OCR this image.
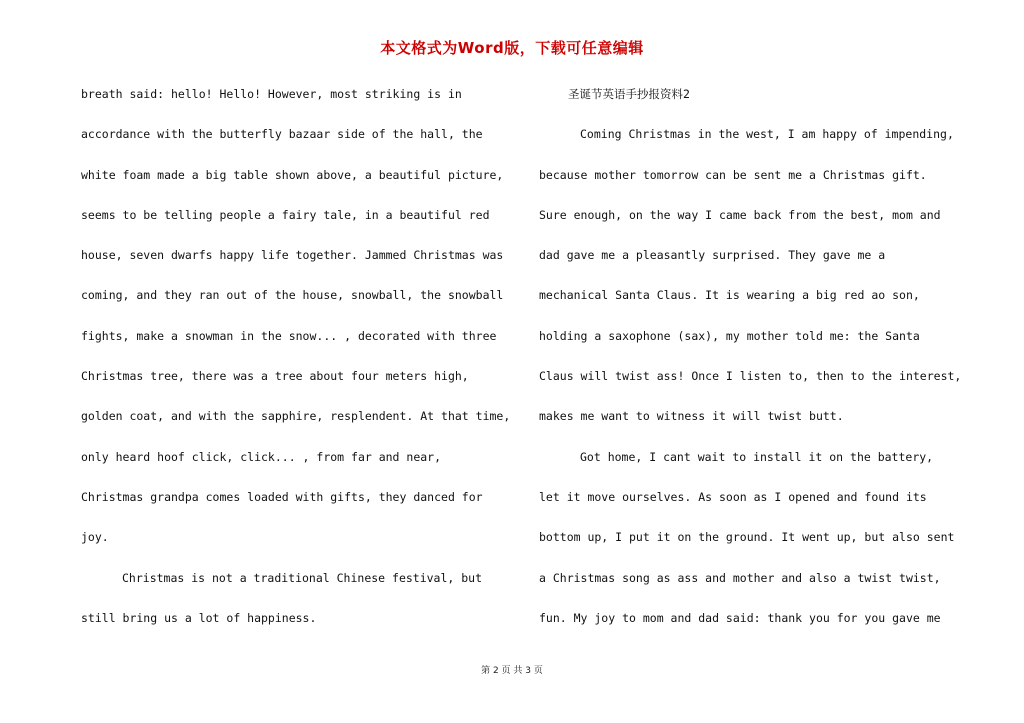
本文格式为Word版，下载可任意编辑
breath said: hello! Hello! However, most striking is in
accordance with the butterfly bazaar side of the hall, the
white foam made a big table shown above, a beautiful picture,
seems to be telling people a fairy tale, in a beautiful red
house, seven dwarfs happy life together. Jammed Christmas was
coming, and they ran out of the house, snowball, the snowball
fights, make a snowman in the snow... , decorated with three
Christmas tree, there was a tree about four meters high,
golden coat, and with the sapphire, resplendent. At that time,
only heard hoof click, click... , from far and near,
Christmas grandpa comes loaded with gifts, they danced for
joy.
Christmas is not a traditional Chinese festival, but
still bring us a lot of happiness.
圣诞节英语手抄报资料2
Coming Christmas in the west, I am happy of impending,
because mother tomorrow can be sent me a Christmas gift.
Sure enough, on the way I came back from the best, mom and
dad gave me a pleasantly surprised. They gave me a
mechanical Santa Claus. It is wearing a big red ao son,
holding a saxophone (sax), my mother told me: the Santa
Claus will twist ass! Once I listen to, then to the interest,
makes me want to witness it will twist butt.
Got home, I cant wait to install it on the battery,
let it move ourselves. As soon as I opened and found its
bottom up, I put it on the ground. It went up, but also sent
a Christmas song as ass and mother and also a twist twist,
fun. My joy to mom and dad said: thank you for you gave me
第 2 页 共 3 页
